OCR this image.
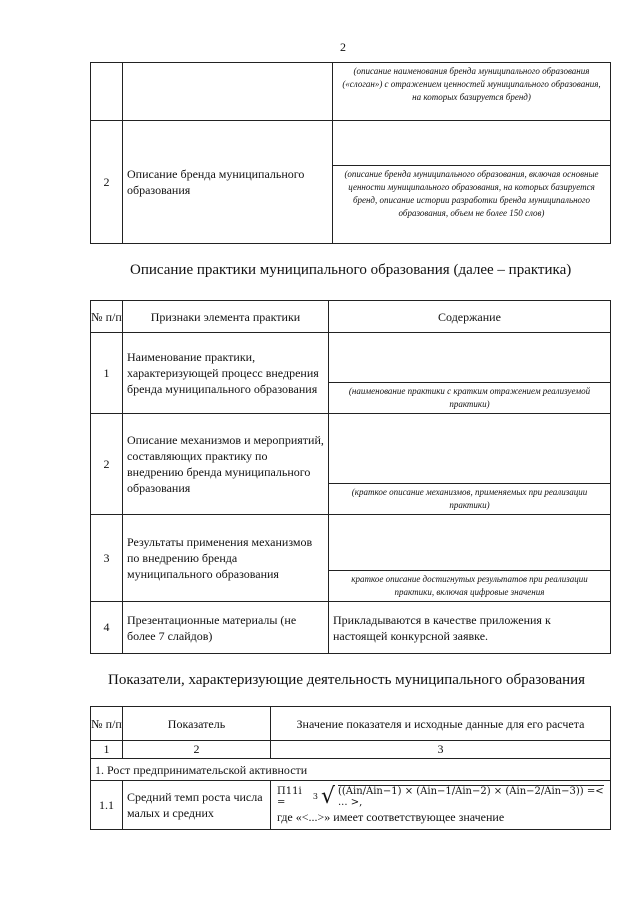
2
		(описание наименования бренда муниципального образования («слоган») с отражением ценностей муниципального образования, на которых базируется бренд)
2	Описание бренда муниципального образования	(описание бренда муниципального образования, включая основные ценности муниципального образования, на которых базируется бренд, описание истории разработки бренда муниципального образования, объем не более 150 слов)
Описание практики муниципального образования (далее – практика)
№ п/п	Признаки элемента практики	Содержание
1	Наименование практики, характеризующей процесс внедрения бренда муниципального образования	(наименование практики с кратким отражением реализуемой практики)

2	Описание механизмов и мероприятий, составляющих практику по внедрению бренда муниципального образования	(краткое описание механизмов, применяемых при реализации практики)

3	Результаты применения механизмов по внедрению бренда муниципального образования	краткое описание достигнутых результатов при реализации практики, включая цифровые значения

4	Презентационные материалы (не более 7 слайдов)	Прикладываются в качестве приложения к настоящей конкурсной заявке.
Показатели, характеризующие деятельность муниципального образования
№ п/п	Показатель	Значение показателя и исходные данные для его расчета
1	2	3
1. Рост предпринимательской активности		
1.1	Средний темп роста числа малых и средних	П11i = 3 √ ((Ain/Ain−1) × (Ain−1/Ain−2) × (Ain−2/Ain−3)) =< ... >,
где «<...>» имеет соответствующее значение
